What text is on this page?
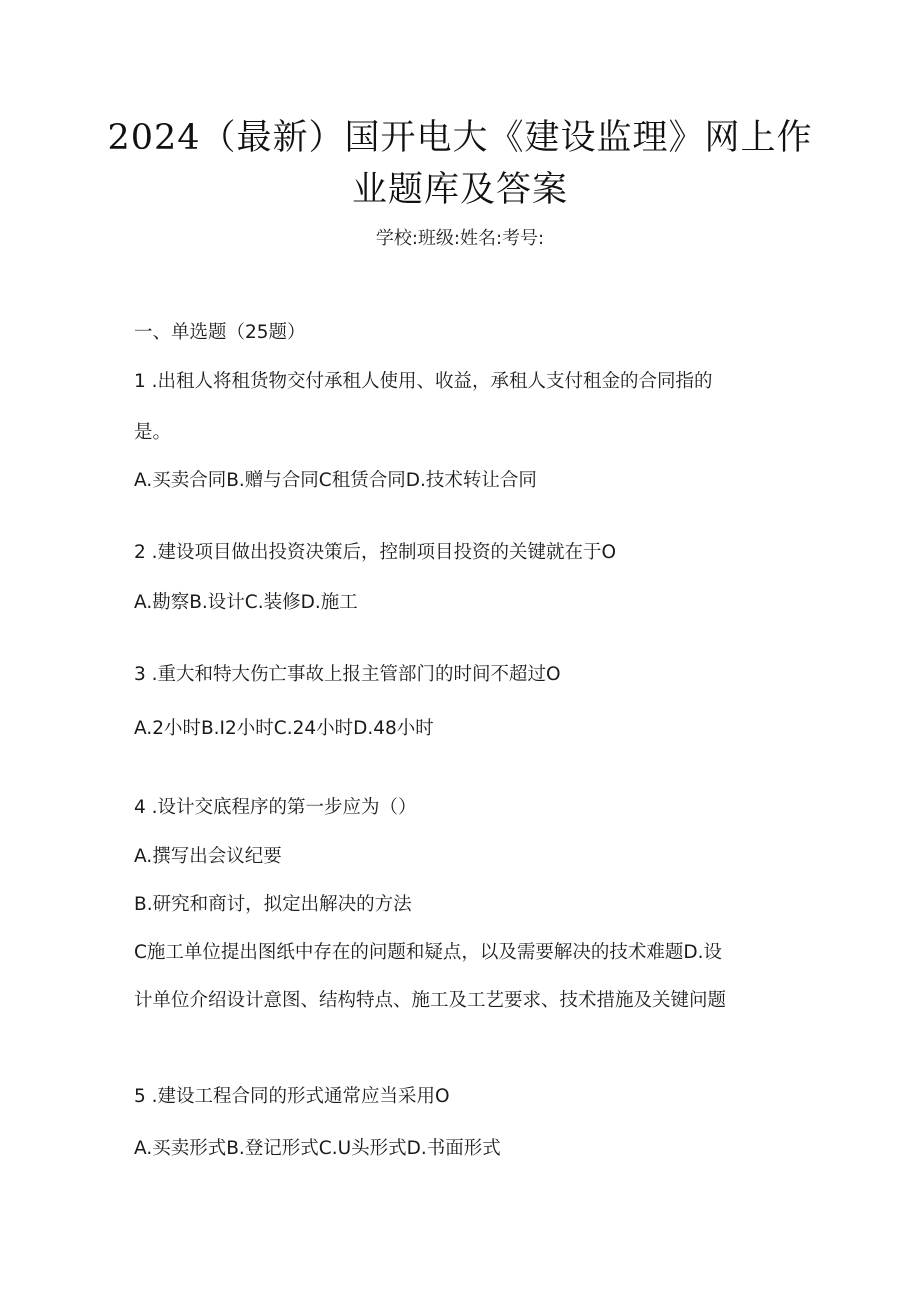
2024（最新）国开电大《建设监理》网上作
业题库及答案
学校:班级:姓名:考号:
一、单选题（25题）
1 .出租人将租货物交付承租人使用、收益，承租人支付租金的合同指的
是。
A.买卖合同B.赠与合同C租赁合同D.技术转让合同
2 .建设项目做出投资决策后，控制项目投资的关键就在于O
A.勘察B.设计C.装修D.施工
3 .重大和特大伤亡事故上报主管部门的时间不超过O
A.2小时B.I2小时C.24小时D.48小时
4 .设计交底程序的第一步应为（）
A.撰写出会议纪要
B.研究和商讨，拟定出解决的方法
C施工单位提出图纸中存在的问题和疑点，以及需要解决的技术难题D.设
计单位介绍设计意图、结构特点、施工及工艺要求、技术措施及关键问题
5 .建设工程合同的形式通常应当采用O
A.买卖形式B.登记形式C.U头形式D.书面形式
